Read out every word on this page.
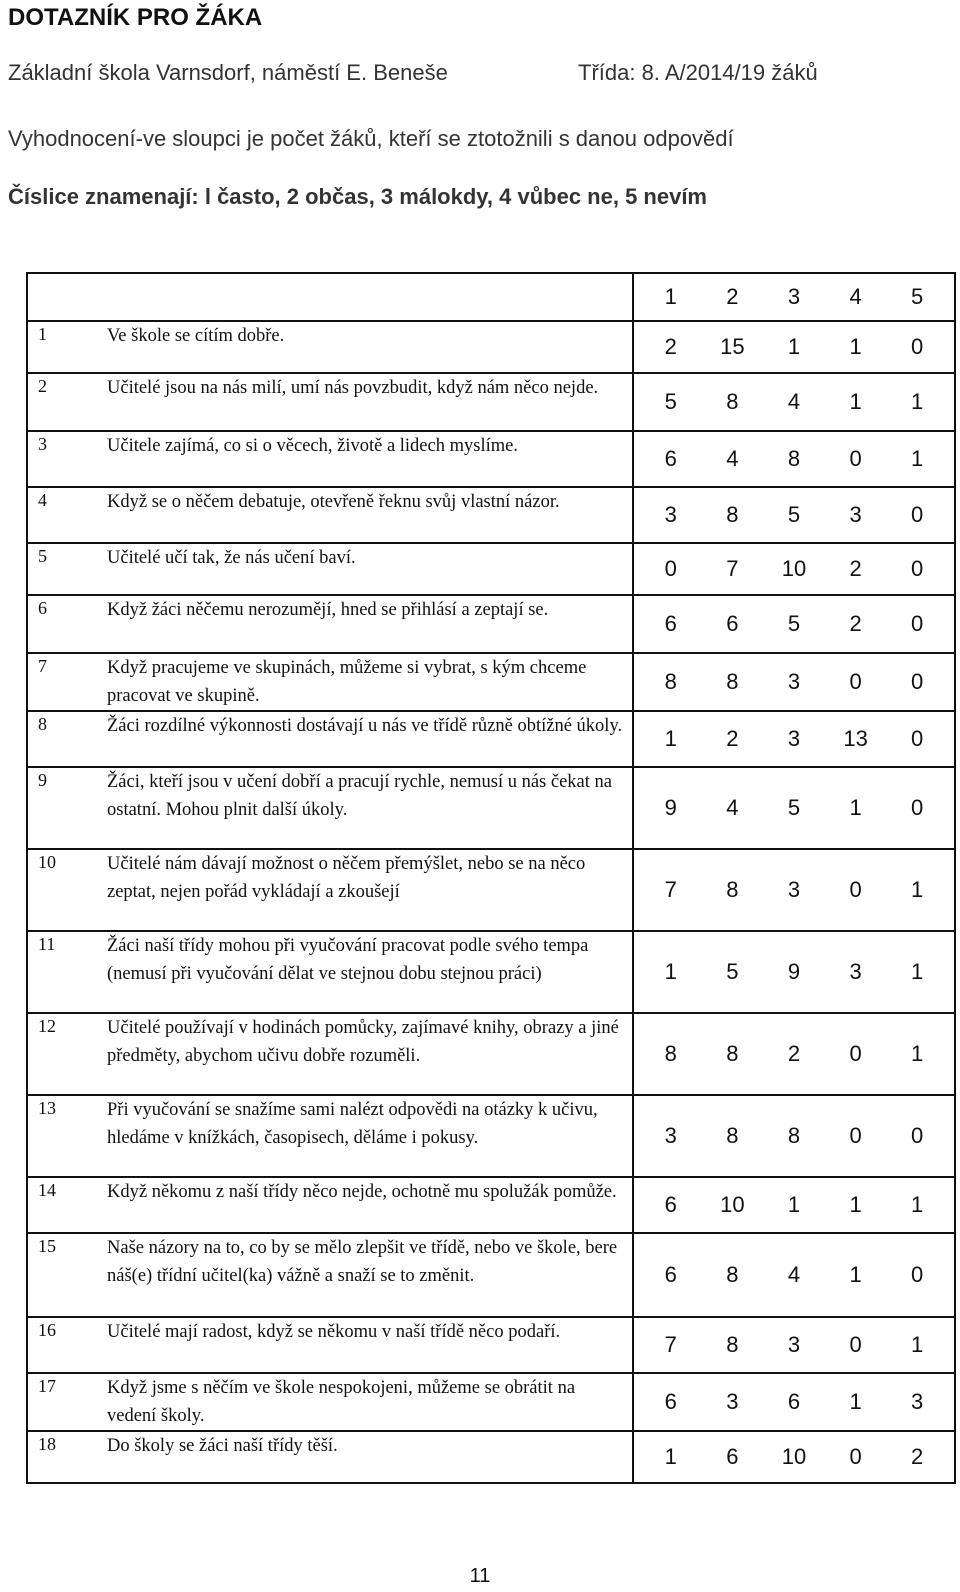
DOTAZNÍK PRO ŽÁKA
Základní škola Varnsdorf, náměstí E. Beneše	Třída: 8. A/2014/19 žáků
Vyhodnocení-ve sloupci je počet žáků, kteří se ztotožnili s danou odpovědí
Číslice znamenají: l často, 2 občas, 3 málokdy, 4 vůbec ne, 5 nevím

		1 2 3 4 5

1	Ve škole se cítím dobře.	2 15 1 1 0

2	Učitelé jsou na nás milí, umí nás povzbudit, když nám něco nejde.	5 8 4 1 1

3	Učitele zajímá, co si o věcech, životě a lidech myslíme.	6 4 8 0 1

4	Když se o něčem debatuje, otevřeně řeknu svůj vlastní názor.	3 8 5 3 0

5	Učitelé učí tak, že nás učení baví.	0 7 10 2 0

6	Když žáci něčemu nerozumějí, hned se přihlásí a zeptají se.	6 6 5 2 0

7	Když pracujeme ve skupinách, můžeme si vybrat, s kým chceme pracovat ve skupině.	8 8 3 0 0

8	Žáci rozdílné výkonnosti dostávají u nás ve třídě různě obtížné úkoly.	1 2 3 13 0

9	Žáci, kteří jsou v učení dobří a pracují rychle, nemusí u nás čekat na ostatní. Mohou plnit další úkoly.	9 4 5 1 0

10	Učitelé nám dávají možnost o něčem přemýšlet, nebo se na něco zeptat, nejen pořád vykládají a zkoušejí	7 8 3 0 1

11	Žáci naší třídy mohou při vyučování pracovat podle svého tempa (nemusí při vyučování dělat ve stejnou dobu stejnou práci)	1 5 9 3 1

12	Učitelé používají v hodinách pomůcky, zajímavé knihy, obrazy a jiné předměty, abychom učivu dobře rozuměli.	8 8 2 0 1

13	Při vyučování se snažíme sami nalézt odpovědi na otázky k učivu, hledáme v knížkách, časopisech, děláme i pokusy.	3 8 8 0 0

14	Když někomu z naší třídy něco nejde, ochotně mu spolužák pomůže.	6 10 1 1 1

15	Naše názory na to, co by se mělo zlepšit ve třídě, nebo ve škole, bere náš(e) třídní učitel(ka) vážně a snaží se to změnit.	6 8 4 1 0

16	Učitelé mají radost, když se někomu v naší třídě něco podaří.	7 8 3 0 1

17	Když jsme s něčím ve škole nespokojeni, můžeme se obrátit na vedení školy.	6 3 6 1 3

18	Do školy se žáci naší třídy těší.	1 6 10 0 2
11
